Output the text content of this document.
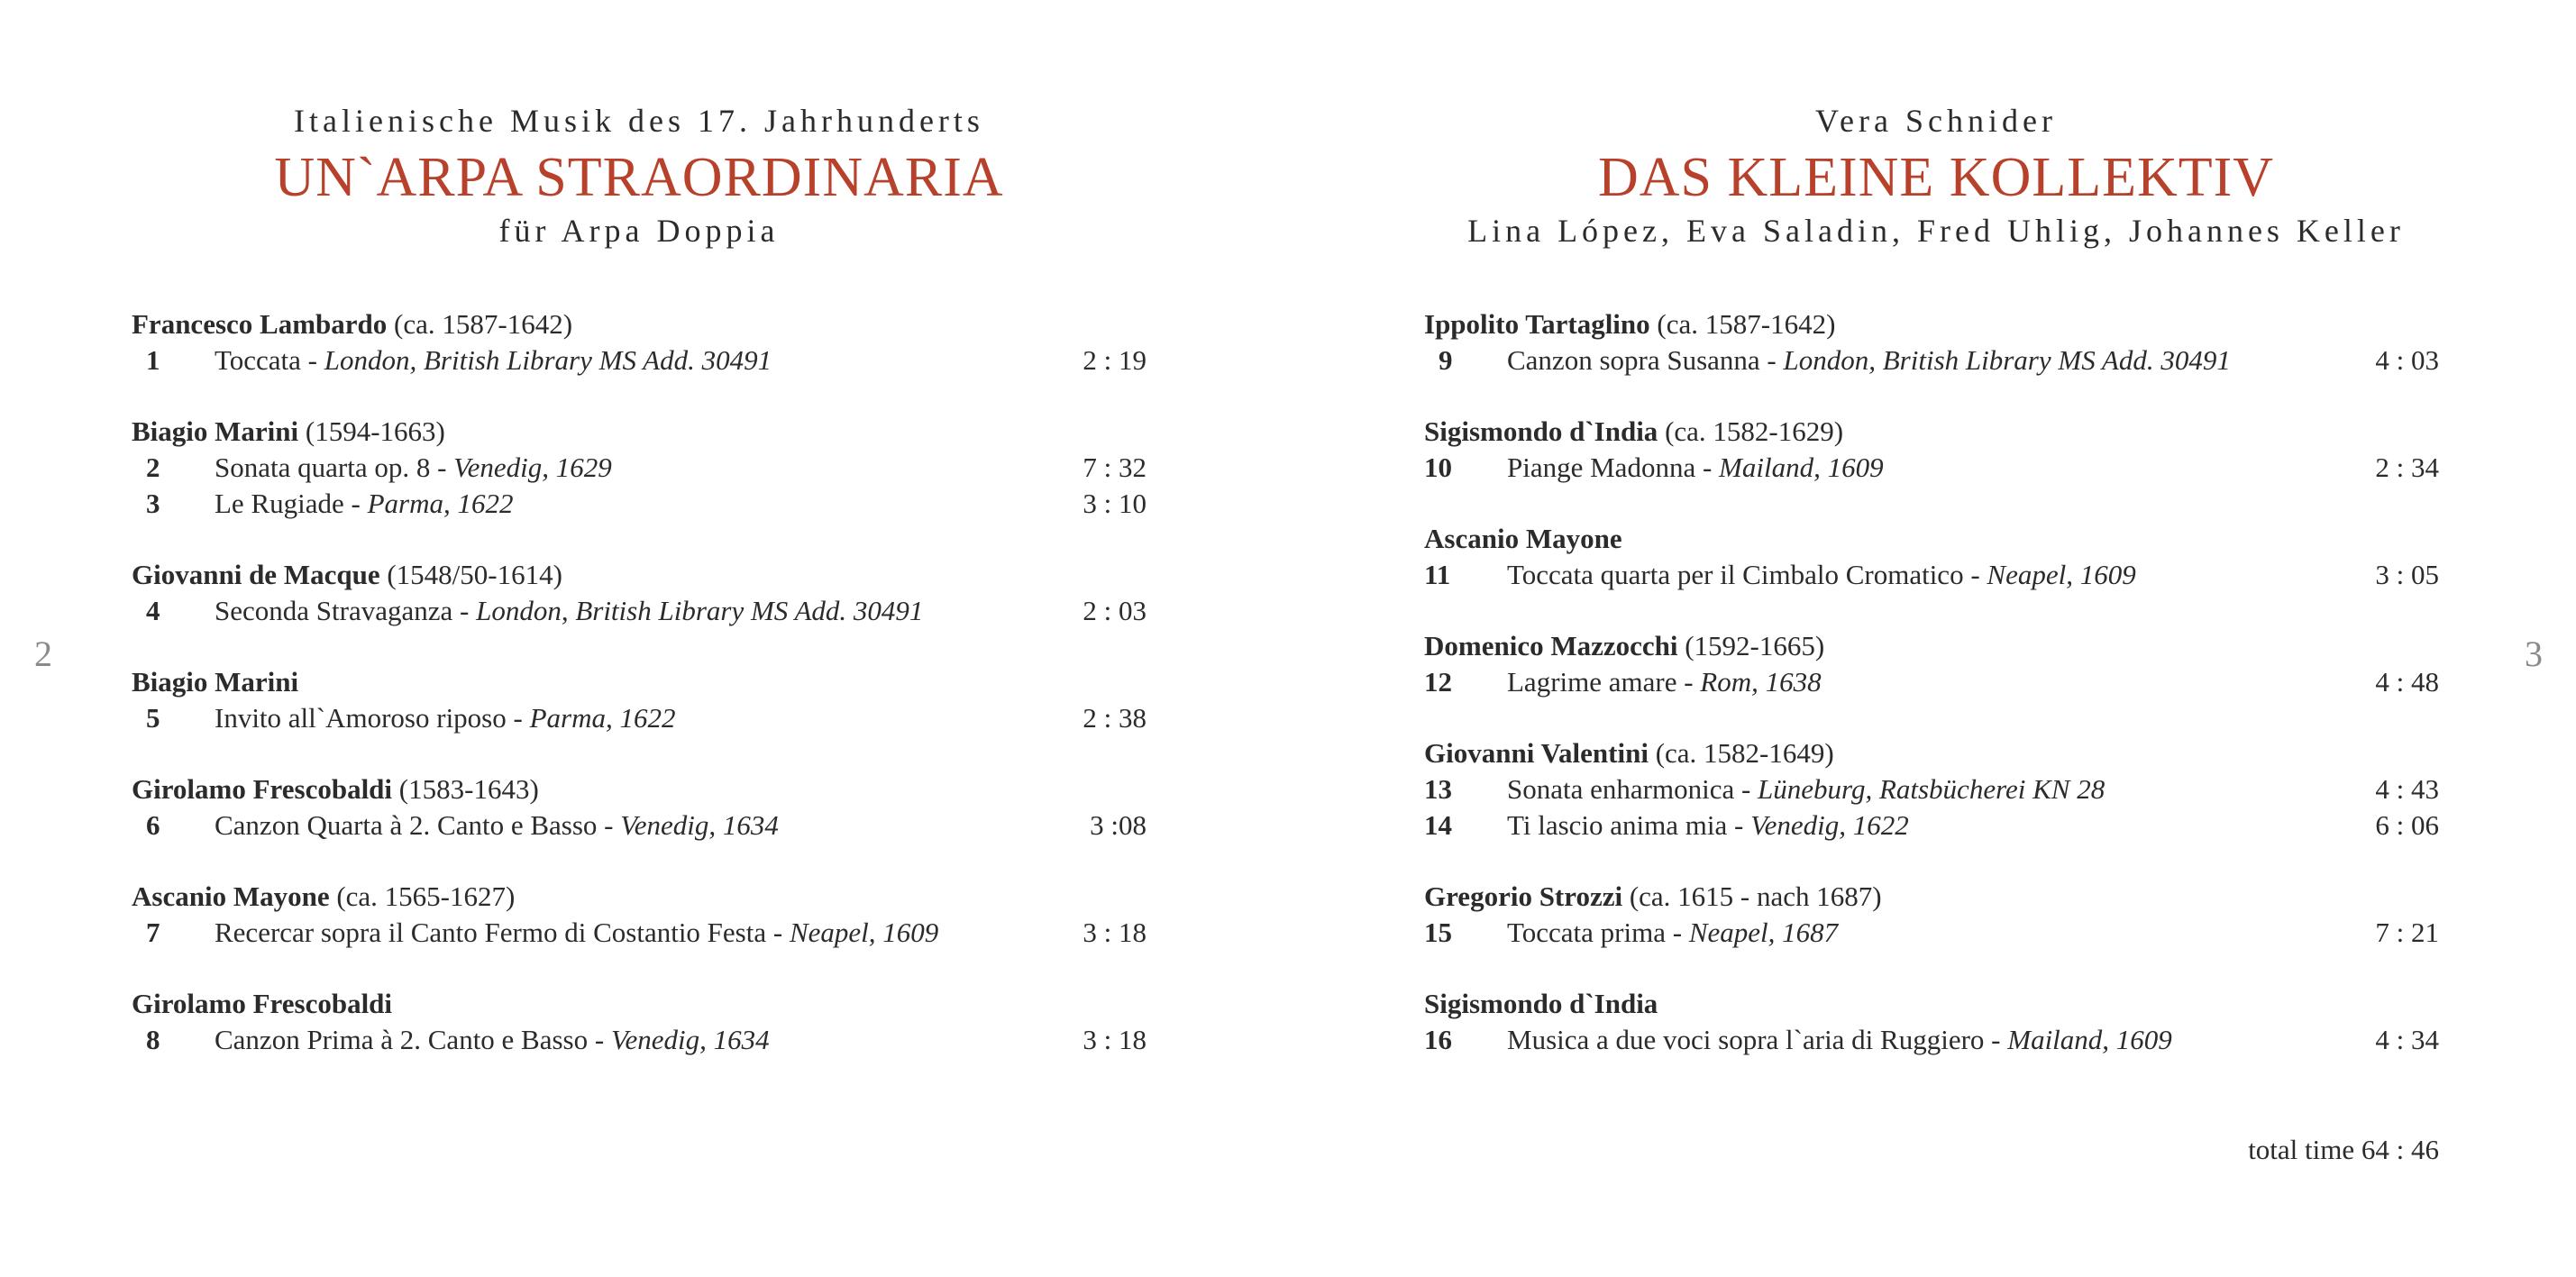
Italienische Musik des 17. Jahrhunderts
UN`ARPA STRAORDINARIA
für Arpa Doppia
Francesco Lambardo (ca. 1587-1642)
1	Toccata - London, British Library MS Add. 30491	2 : 19
Biagio Marini (1594-1663)
2	Sonata quarta op. 8 - Venedig, 1629	7 : 32
3	Le Rugiade - Parma, 1622	3 : 10
Giovanni de Macque (1548/50-1614)
4	Seconda Stravaganza - London, British Library MS Add. 30491	2 : 03
Biagio Marini
5	Invito all`Amoroso riposo - Parma, 1622	2 : 38
Girolamo Frescobaldi (1583-1643)
6	Canzon Quarta à 2. Canto e Basso - Venedig, 1634	3 :08
Ascanio Mayone (ca. 1565-1627)
7	Recercar sopra il Canto Fermo di Costantio Festa - Neapel, 1609	3 : 18
Girolamo Frescobaldi
8	Canzon Prima à 2. Canto e Basso - Venedig, 1634	3 : 18
2
Vera Schnider
DAS KLEINE KOLLEKTIV
Lina López, Eva Saladin, Fred Uhlig, Johannes Keller
Ippolito Tartaglino (ca. 1587-1642)
9	Canzon sopra Susanna - London, British Library MS Add. 30491	4 : 03
Sigismondo d`India (ca. 1582-1629)
10	Piange Madonna - Mailand, 1609	2 : 34
Ascanio Mayone
11	Toccata quarta per il Cimbalo Cromatico - Neapel, 1609	3 : 05
Domenico Mazzocchi (1592-1665)
12	Lagrime amare - Rom, 1638	4 : 48
Giovanni Valentini (ca. 1582-1649)
13	Sonata enharmonica - Lüneburg, Ratsbücherei KN 28	4 : 43
14	Ti lascio anima mia - Venedig, 1622	6 : 06
Gregorio Strozzi (ca. 1615 - nach 1687)
15	Toccata prima - Neapel, 1687	7 : 21
Sigismondo d`India
16	Musica a due voci sopra l`aria di Ruggiero - Mailand, 1609	4 : 34
total time 64 : 46
3
